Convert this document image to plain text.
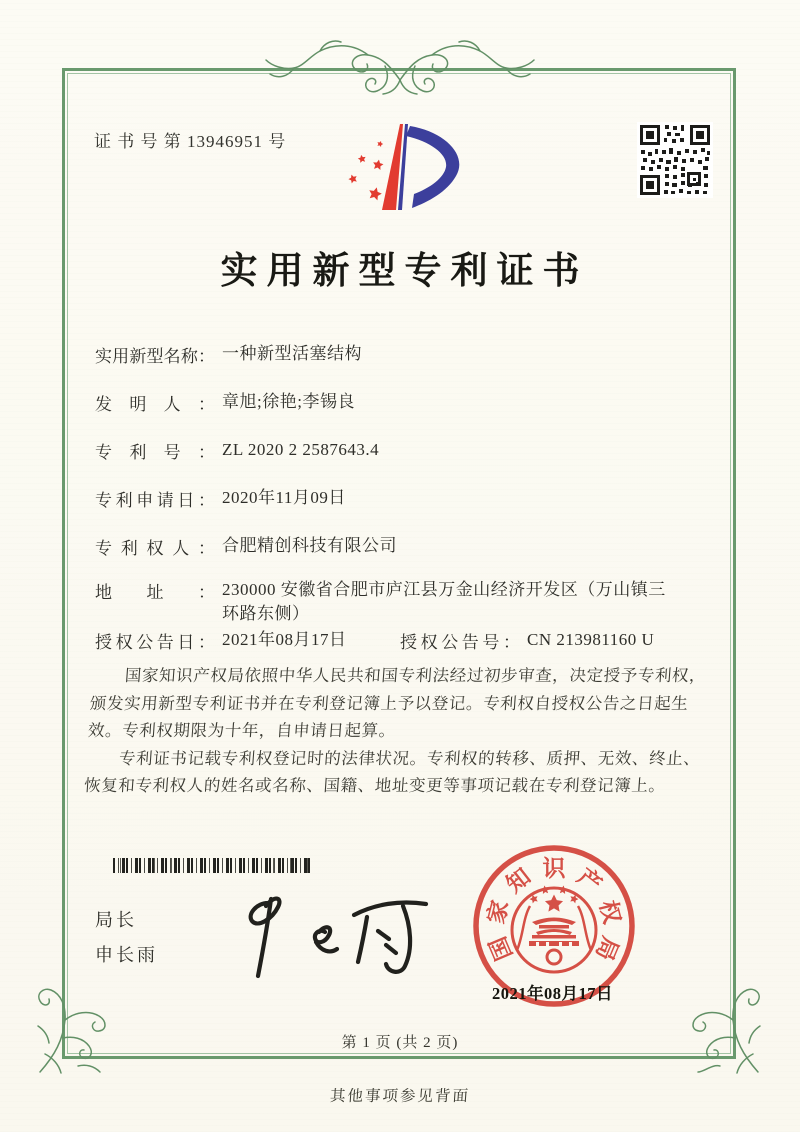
证 书 号 第 13946951 号
实用新型专利证书
实用新型名称： 一种新型活塞结构
发明人： 章旭;徐艳;李锡良
专利号： ZL 2020 2 2587643.4
专利申请日： 2020年11月09日
专利权人： 合肥精创科技有限公司
地址： 230000 安徽省合肥市庐江县万金山经济开发区（万山镇三环路东侧）
授权公告日： 2021年08月17日	授权公告号： CN 213981160 U

国家知识产权局依照中华人民共和国专利法经过初步审查，决定授予专利权，颁发实用新型专利证书并在专利登记簿上予以登记。专利权自授权公告之日起生效。专利权期限为十年，自申请日起算。

专利证书记载专利权登记时的法律状况。专利权的转移、质押、无效、终止、恢复和专利权人的姓名或名称、国籍、地址变更等事项记载在专利登记簿上。

局长
申长雨	国
家
知 识 产
权
局
2021年08月17日
第 1 页 (共 2 页)
其他事项参见背面
